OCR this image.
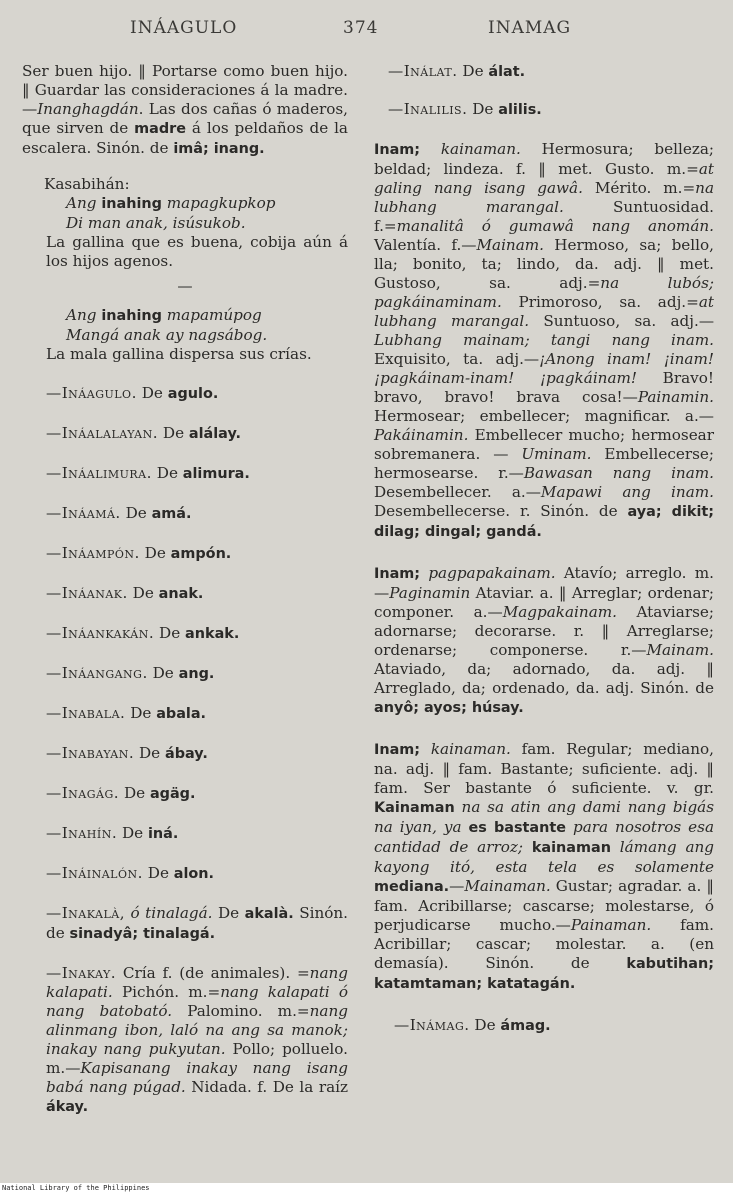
INÁAGULO	374	INAMAG

Ser buen hijo. ‖ Portarse como buen hijo. ‖ Guardar las consideraciones á la madre.—Inanghagdán. Las dos cañas ó maderos, que sirven de madre á los peldaños de la escalera. Sinón. de imâ; inang.

Kasabihán:

Ang inahing mapagkupkop

Di man anak, isúsukob.

La gallina que es buena, cobija aún á los hijos agenos.

—

Ang inahing mapamúpog

Mangá anak ay nagsábog.

La mala gallina dispersa sus crías.

—Ináagulo. De agulo.

—Ináalalayan. De alálay.

—Ináalimura. De alimura.

—Ináamá. De amá.

—Ináampón. De ampón.

—Ináanak. De anak.

—Ináankakán. De ankak.

—Ináangang. De ang.

—Inabala. De abala.

—Inabayan. De ábay.

—Inagág. De agäg.

—Inahín. De iná.

—Ináinalón. De alon.

—Inakalà, ó tinalagá. De akalà. Sinón. de sinadyâ; tinalagá.

—Inakay. Cría f. (de animales). =nang kalapati. Pichón. m.=nang kalapati ó nang batobató. Palomino. m.=nang alinmang ibon, laló na ang sa manok; inakay nang pukyutan. Pollo; polluelo. m.—Kapisanang inakay nang isang babá nang púgad. Nidada. f. De la raíz ákay.

—Inálat. De álat.

—Inalilis. De alilis.

Inam; kainaman. Hermosura; belleza; beldad; lindeza. f. ‖ met. Gusto. m.=at galing nang isang gawâ. Mérito. m.=na lubhang marangal. Suntuosidad. f.=manalitâ ó gumawâ nang anomán. Valentía. f.—Mainam. Hermoso, sa; bello, lla; bonito, ta; lindo, da. adj. ‖ met. Gustoso, sa. adj.=na lubós; pagkáinaminam. Primoroso, sa. adj.=at lubhang marangal. Suntuoso, sa. adj.—Lubhang mainam; tangi nang inam. Exquisito, ta. adj.—¡Anong inam! ¡inam! ¡pagkáinam-inam! ¡pagkáinam! Bravo! bravo, bravo! brava cosa!—Painamin. Hermosear; embellecer; magnificar. a.—Pakáinamin. Embellecer mucho; hermosear sobremanera. — Uminam. Embellecerse; hermosearse. r.—Bawasan nang inam. Desembellecer. a.—Mapawi ang inam. Desembellecerse. r. Sinón. de aya; dikit; dilag; dingal; gandá.

Inam; pagpapakainam. Atavío; arreglo. m.—Paginamin Ataviar. a. ‖ Arreglar; ordenar; componer. a.—Magpakainam. Ataviarse; adornarse; decorarse. r. ‖ Arreglarse; ordenarse; componerse. r.—Mainam. Ataviado, da; adornado, da. adj. ‖ Arreglado, da; ordenado, da. adj. Sinón. de anyô; ayos; húsay.

Inam; kainaman. fam. Regular; mediano, na. adj. ‖ fam. Bastante; suficiente. adj. ‖ fam. Ser bastante ó suficiente. v. gr. Kainaman na sa atin ang dami nang bigás na iyan, ya es bastante para nosotros esa cantidad de arroz; kainaman lámang ang kayong itó, esta tela es solamente mediana.—Mainaman. Gustar; agradar. a. ‖ fam. Acribillarse; cascarse; molestarse, ó perjudicarse mucho.—Painaman. fam. Acribillar; cascar; molestar. a. (en demasía). Sinón. de kabutihan; katamtaman; katatagán.

—Inámag. De ámag.

National Library of the Philippines
